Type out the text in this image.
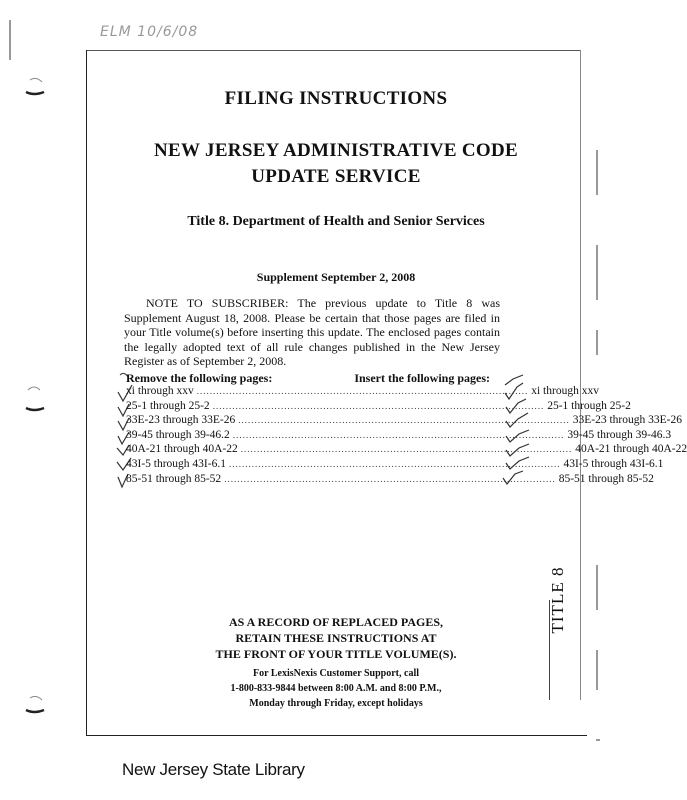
ELM 10/6/08
FILING INSTRUCTIONS
NEW JERSEY ADMINISTRATIVE CODE
UPDATE SERVICE
Title 8. Department of Health and Senior Services
Supplement September 2, 2008
NOTE TO SUBSCRIBER: The previous update to Title 8 was Supplement August 18, 2008. Please be certain that those pages are filed in your Title volume(s) before inserting this update. The enclosed pages contain the legally adopted text of all rule changes published in the New Jersey Register as of September 2, 2008.
Remove the following pages:	Insert the following pages:
xi through xxv ...................................................................................................... xi through xxv
25-1 through 25-2 ...................................................................................................... 25-1 through 25-2
33E-23 through 33E-26 ...................................................................................................... 33E-23 through 33E-26
39-45 through 39-46.2 ...................................................................................................... 39-45 through 39-46.3
40A-21 through 40A-22 ...................................................................................................... 40A-21 through 40A-22
43I-5 through 43I-6.1 ...................................................................................................... 43I-5 through 43I-6.1
85-51 through 85-52 ...................................................................................................... 85-51 through 85-52
AS A RECORD OF REPLACED PAGES,
RETAIN THESE INSTRUCTIONS AT
THE FRONT OF YOUR TITLE VOLUME(S).
For LexisNexis Customer Support, call
1-800-833-9844 between 8:00 A.M. and 8:00 P.M.,
Monday through Friday, except holidays
TITLE 8
New Jersey State Library
